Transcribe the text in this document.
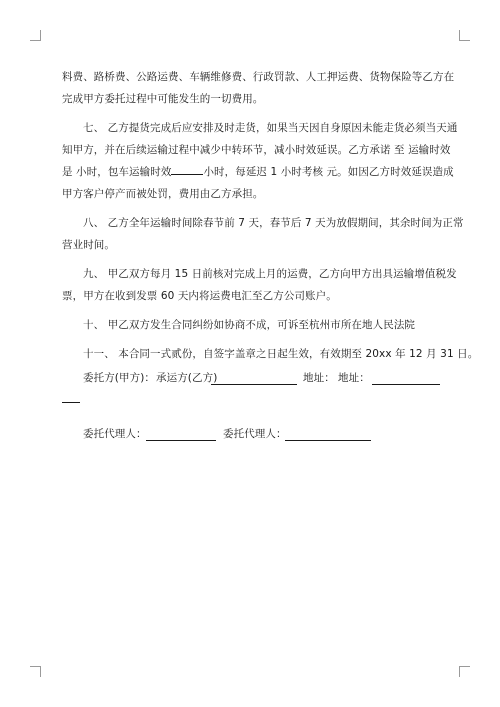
料费、路桥费、公路运费、车辆维修费、行政罚款、人工押运费、货物保险等乙方在
完成甲方委托过程中可能发生的一切费用。

七、 乙方提货完成后应安排及时走货，如果当天因自身原因未能走货必须当天通
知甲方，并在后续运输过程中减少中转环节，减小时效延误。乙方承诺 至 运输时效
是 小时，包车运输时效	小时，每延迟 1 小时考核 元。如因乙方时效延误造成
甲方客户停产而被处罚，费用由乙方承担。

八、 乙方全年运输时间除春节前 7 天，春节后 7 天为放假期间，其余时间为正常
营业时间。

九、 甲乙双方每月 15 日前核对完成上月的运费，乙方向甲方出具运输增值税发
票，甲方在收到发票 60 天内将运费电汇至乙方公司账户。

十、 甲乙双方发生合同纠纷如协商不成，可诉至杭州市所在地人民法院

十一、 本合同一式贰份，自签字盖章之日起生效，有效期至 20xx 年 12 月 31 日。

委托方(甲方)： 承运方(乙方)	地址： 地址：
委托代理人：	委托代理人：
